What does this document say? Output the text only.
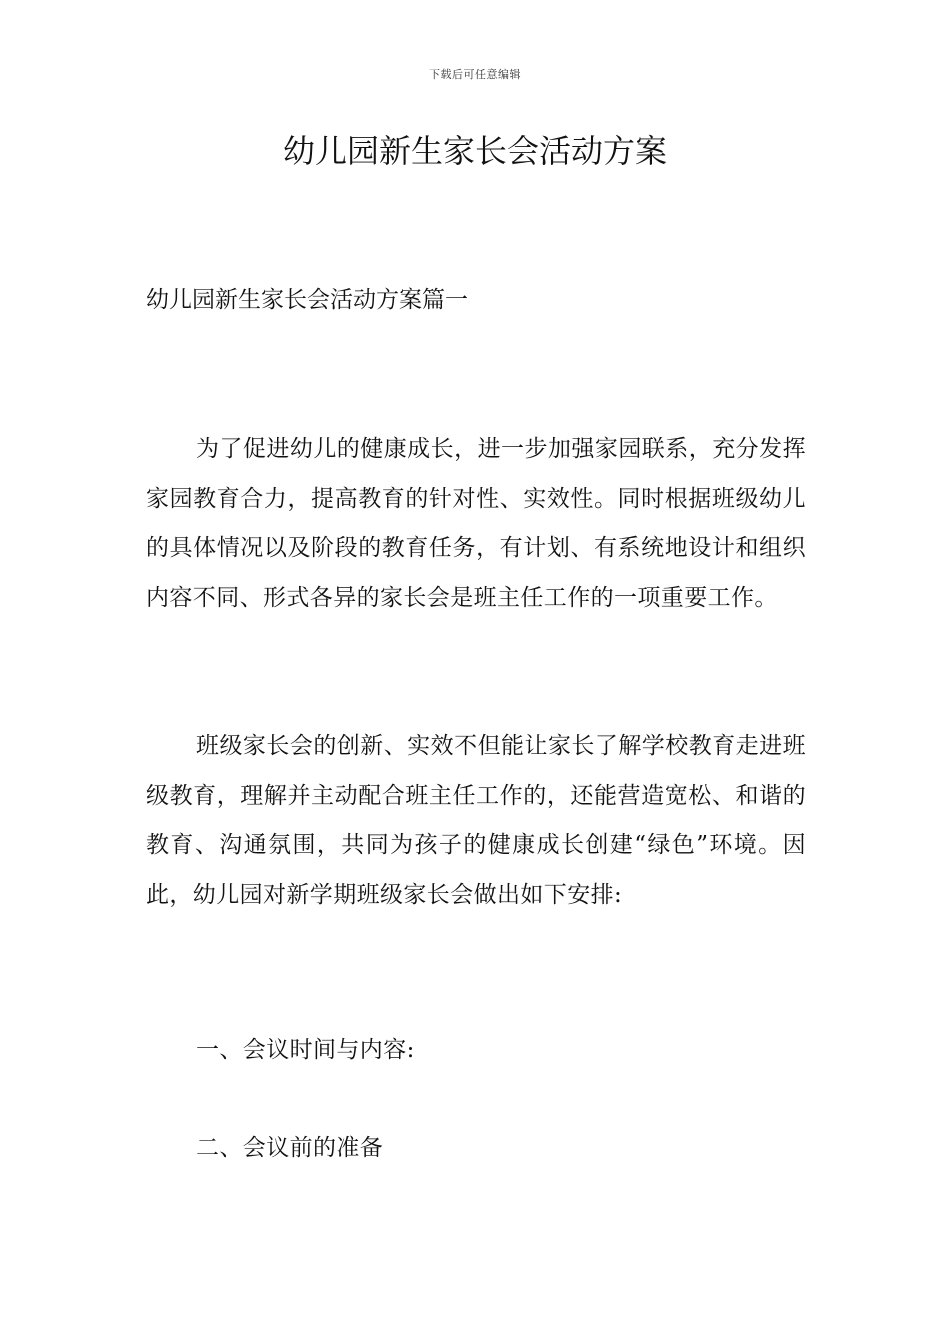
下载后可任意编辑
幼儿园新生家长会活动方案
幼儿园新生家长会活动方案篇一

为了促进幼儿的健康成长，进一步加强家园联系，充分发挥家园教育合力，提高教育的针对性、实效性。同时根据班级幼儿的具体情况以及阶段的教育任务，有计划、有系统地设计和组织内容不同、形式各异的家长会是班主任工作的一项重要工作。

班级家长会的创新、实效不但能让家长了解学校教育走进班级教育，理解并主动配合班主任工作的，还能营造宽松、和谐的教育、沟通氛围，共同为孩子的健康成长创建“绿色”环境。因此，幼儿园对新学期班级家长会做出如下安排:

一、会议时间与内容:

二、会议前的准备
